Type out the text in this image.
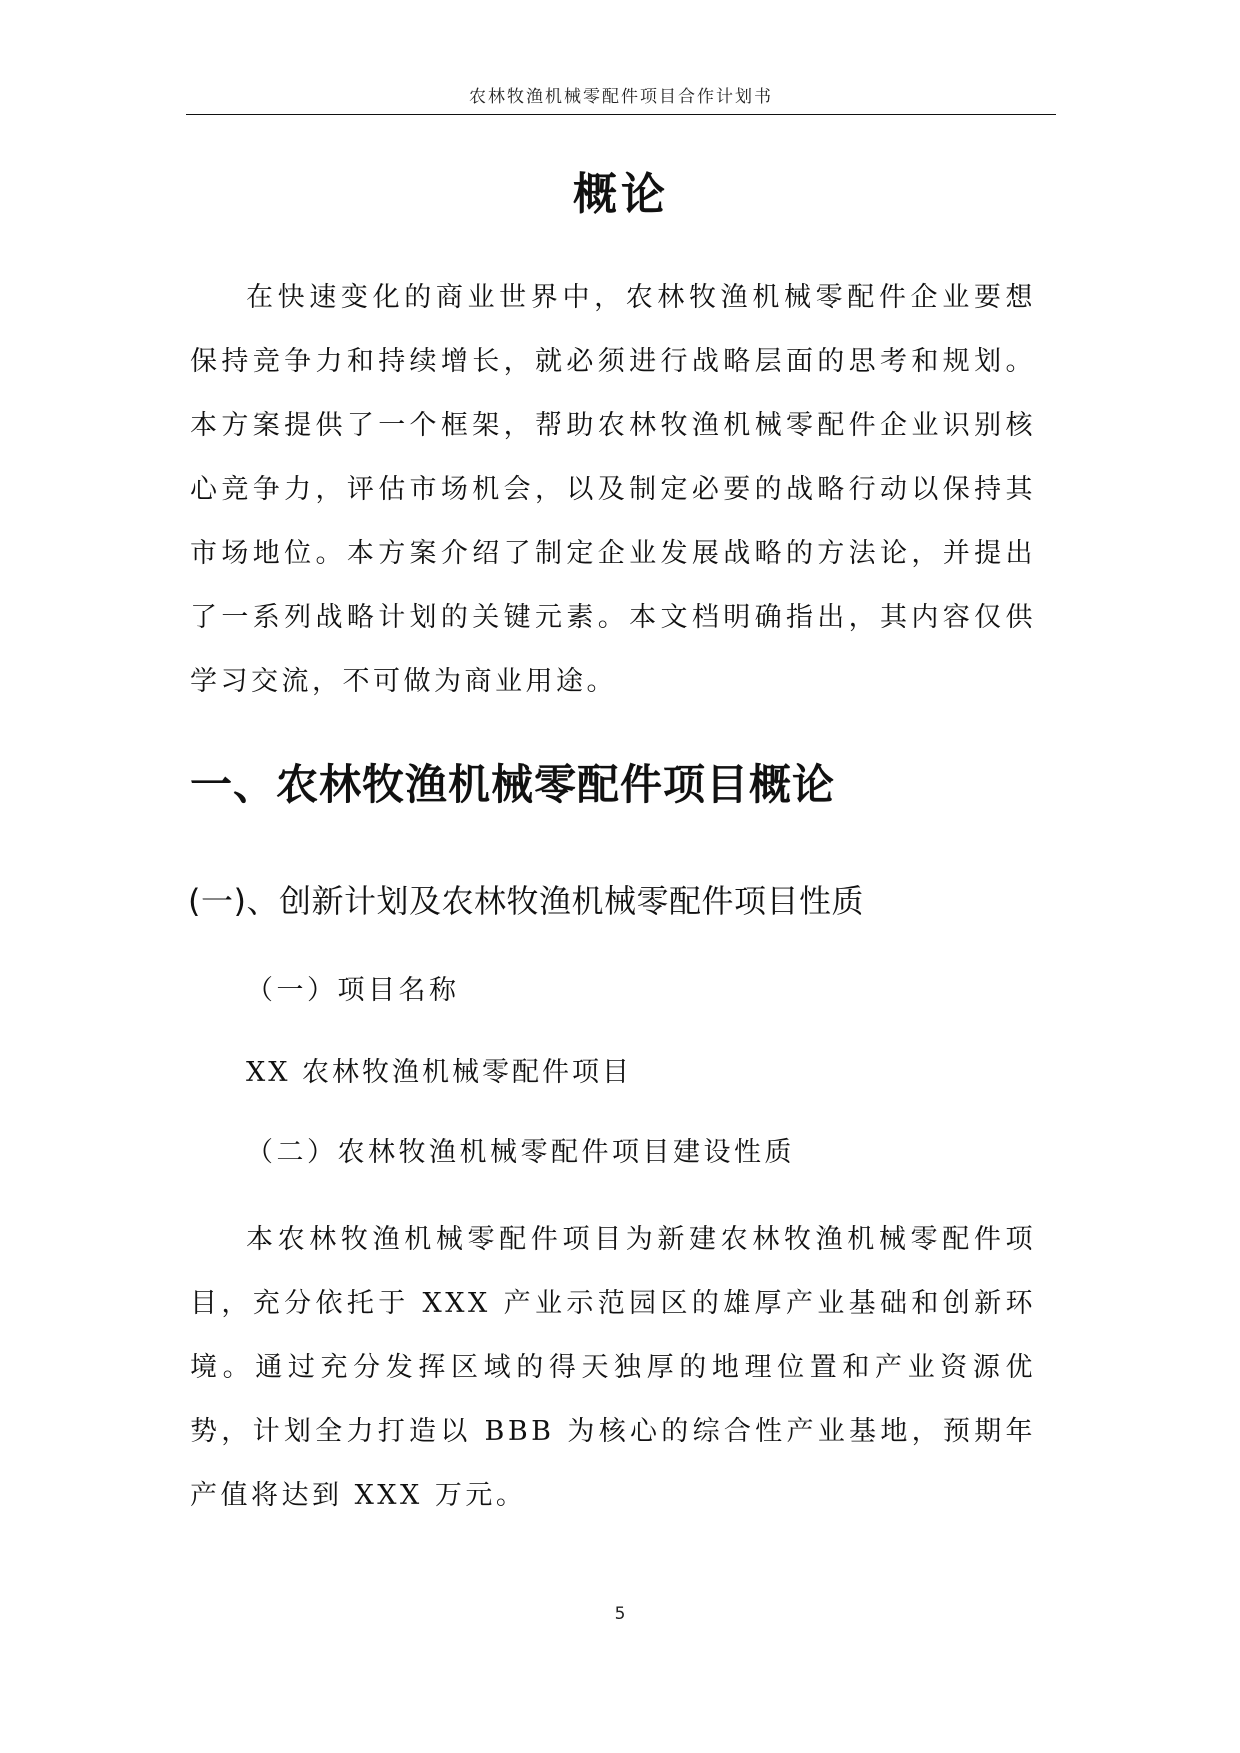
农林牧渔机械零配件项目合作计划书
概论

在快速变化的商业世界中，农林牧渔机械零配件企业要想保持竞争力和持续增长，就必须进行战略层面的思考和规划。本方案提供了一个框架，帮助农林牧渔机械零配件企业识别核心竞争力，评估市场机会，以及制定必要的战略行动以保持其市场地位。本方案介绍了制定企业发展战略的方法论，并提出了一系列战略计划的关键元素。本文档明确指出，其内容仅供学习交流，不可做为商业用途。

一、农林牧渔机械零配件项目概论
(一)、创新计划及农林牧渔机械零配件项目性质

（一）项目名称

XX 农林牧渔机械零配件项目

（二）农林牧渔机械零配件项目建设性质

本农林牧渔机械零配件项目为新建农林牧渔机械零配件项目，充分依托于 XXX 产业示范园区的雄厚产业基础和创新环境。通过充分发挥区域的得天独厚的地理位置和产业资源优势，计划全力打造以 BBB 为核心的综合性产业基地，预期年产值将达到 XXX 万元。

5
